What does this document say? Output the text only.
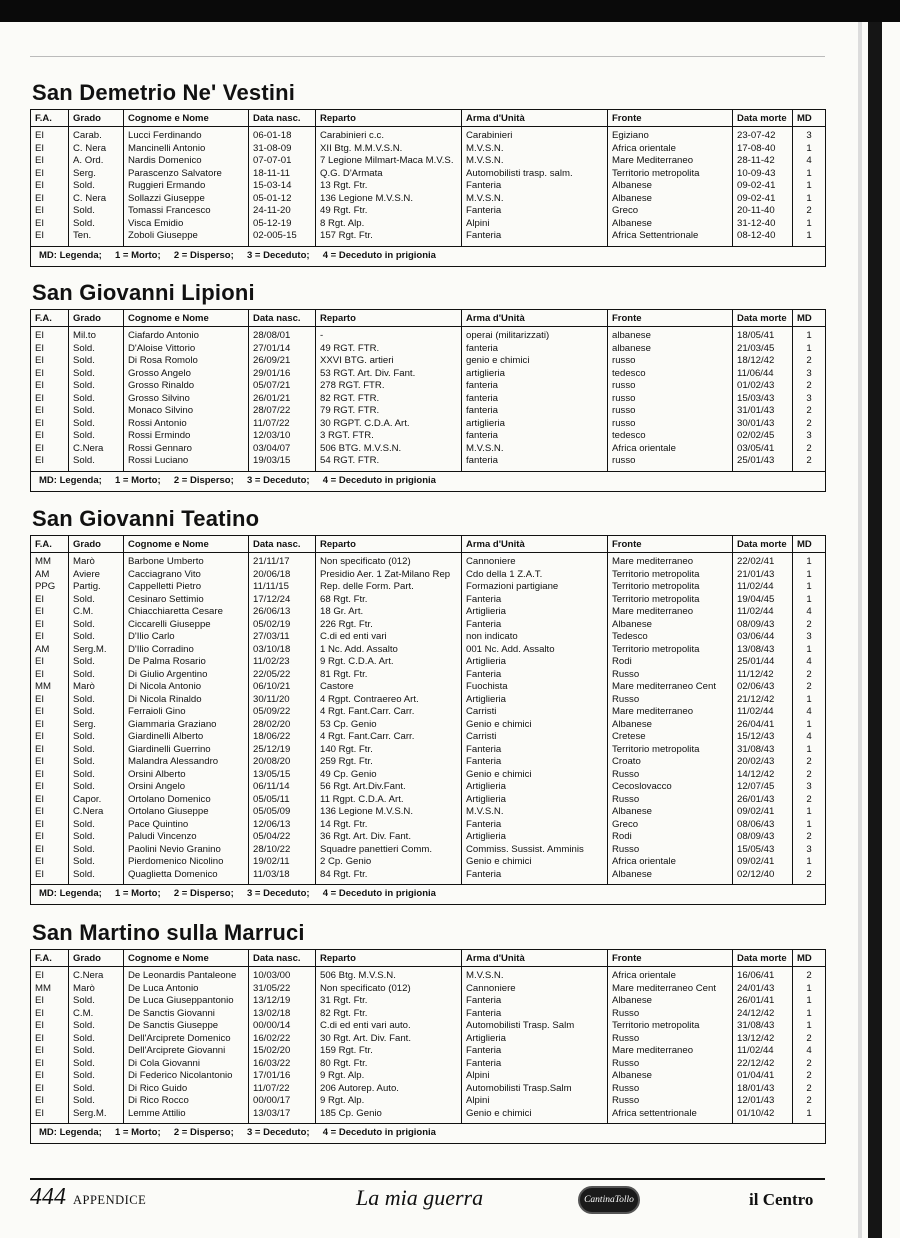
San Demetrio Ne' Vestini
F.A.	Grado	Cognome e Nome	Data nasc.	Reparto	Arma d'Unità	Fronte	Data morte	MD
EI	Carab.	Lucci Ferdinando	06-01-18	Carabinieri c.c.	Carabinieri	Egiziano	23-07-42	3
EI	C. Nera	Mancinelli Antonio	31-08-09	XII Btg. M.M.V.S.N.	M.V.S.N.	Africa orientale	17-08-40	1
EI	A. Ord.	Nardis Domenico	07-07-01	7 Legione Milmart-Maca M.V.S.	M.V.S.N.	Mare Mediterraneo	28-11-42	4
EI	Serg.	Parascenzo Salvatore	18-11-11	Q.G. D'Armata	Automobilisti trasp. salm.	Territorio metropolita	10-09-43	1
EI	Sold.	Ruggieri Ermando	15-03-14	13 Rgt. Ftr.	Fanteria	Albanese	09-02-41	1
EI	C. Nera	Sollazzi Giuseppe	05-01-12	136 Legione M.V.S.N.	M.V.S.N.	Albanese	09-02-41	1
EI	Sold.	Tomassi Francesco	24-11-20	49 Rgt. Ftr.	Fanteria	Greco	20-11-40	2
EI	Sold.	Visca Emidio	05-12-19	8 Rgt. Alp.	Alpini	Albanese	31-12-40	1
EI	Ten.	Zoboli Giuseppe	02-005-15	157 Rgt. Ftr.	Fanteria	Africa Settentrionale	08-12-40	1
MD: Legenda;     1 = Morto;     2 = Disperso;     3 = Deceduto;     4 = Deceduto in prigionia								
San Giovanni Lipioni
F.A.	Grado	Cognome e Nome	Data nasc.	Reparto	Arma d'Unità	Fronte	Data morte	MD
EI	Mil.to	Ciafardo Antonio	28/08/01	-	operai (militarizzati)	albanese	18/05/41	1
EI	Sold.	D'Aloise Vittorio	27/01/14	49 RGT. FTR.	fanteria	albanese	21/03/45	1
EI	Sold.	Di Rosa Romolo	26/09/21	XXVI BTG. artieri	genio e chimici	russo	18/12/42	2
EI	Sold.	Grosso Angelo	29/01/16	53 RGT. Art. Div. Fant.	artiglieria	tedesco	11/06/44	3
EI	Sold.	Grosso Rinaldo	05/07/21	278 RGT. FTR.	fanteria	russo	01/02/43	2
EI	Sold.	Grosso Silvino	26/01/21	82 RGT. FTR.	fanteria	russo	15/03/43	3
EI	Sold.	Monaco Silvino	28/07/22	79 RGT. FTR.	fanteria	russo	31/01/43	2
EI	Sold.	Rossi Antonio	11/07/22	30 RGPT. C.D.A. Art.	artiglieria	russo	30/01/43	2
EI	Sold.	Rossi Ermindo	12/03/10	3 RGT. FTR.	fanteria	tedesco	02/02/45	3
EI	C.Nera	Rossi Gennaro	03/04/07	506 BTG. M.V.S.N.	M.V.S.N.	Africa orientale	03/05/41	2
EI	Sold.	Rossi Luciano	19/03/15	54 RGT. FTR.	fanteria	russo	25/01/43	2
MD: Legenda;     1 = Morto;     2 = Disperso;     3 = Deceduto;     4 = Deceduto in prigionia								
San Giovanni Teatino
F.A.	Grado	Cognome e Nome	Data nasc.	Reparto	Arma d'Unità	Fronte	Data morte	MD
MM	Marò	Barbone Umberto	21/11/17	Non specificato (012)	Cannoniere	Mare mediterraneo	22/02/41	1
AM	Aviere	Cacciagrano Vito	20/06/18	Presidio Aer. 1 Zat-Milano Rep	Cdo della 1 Z.A.T.	Territorio metropolita	21/01/43	1
PPG	Partig.	Cappelletti Pietro	11/11/15	Rep. delle Form. Part.	Formazioni partigiane	Territorio metropolita	11/02/44	1
EI	Sold.	Cesinaro Settimio	17/12/24	68 Rgt. Ftr.	Fanteria	Territorio metropolita	19/04/45	1
EI	C.M.	Chiacchiaretta Cesare	26/06/13	18 Gr. Art.	Artiglieria	Mare mediterraneo	11/02/44	4
EI	Sold.	Ciccarelli Giuseppe	05/02/19	226 Rgt. Ftr.	Fanteria	Albanese	08/09/43	2
EI	Sold.	D'Ilio Carlo	27/03/11	C.di ed enti vari	non indicato	Tedesco	03/06/44	3
AM	Serg.M.	D'Ilio Corradino	03/10/18	1 Nc. Add. Assalto	001 Nc. Add. Assalto	Territorio metropolita	13/08/43	1
EI	Sold.	De Palma Rosario	11/02/23	9 Rgt. C.D.A. Art.	Artiglieria	Rodi	25/01/44	4
EI	Sold.	Di Giulio Argentino	22/05/22	81 Rgt. Ftr.	Fanteria	Russo	11/12/42	2
MM	Marò	Di Nicola Antonio	06/10/21	Castore	Fuochista	Mare mediterraneo Cent	02/06/43	2
EI	Sold.	Di Nicola Rinaldo	30/11/20	4 Rgpt. Contraereo Art.	Artiglieria	Russo	21/12/42	1
EI	Sold.	Ferraioli Gino	05/09/22	4 Rgt. Fant.Carr. Carr.	Carristi	Mare mediterraneo	11/02/44	4
EI	Serg.	Giammaria Graziano	28/02/20	53 Cp. Genio	Genio e chimici	Albanese	26/04/41	1
EI	Sold.	Giardinelli Alberto	18/06/22	4 Rgt. Fant.Carr. Carr.	Carristi	Cretese	15/12/43	4
EI	Sold.	Giardinelli Guerrino	25/12/19	140 Rgt. Ftr.	Fanteria	Territorio metropolita	31/08/43	1
EI	Sold.	Malandra Alessandro	20/08/20	259 Rgt. Ftr.	Fanteria	Croato	20/02/43	2
EI	Sold.	Orsini Alberto	13/05/15	49 Cp. Genio	Genio e chimici	Russo	14/12/42	2
EI	Sold.	Orsini Angelo	06/11/14	56 Rgt. Art.Div.Fant.	Artiglieria	Cecoslovacco	12/07/45	3
EI	Capor.	Ortolano Domenico	05/05/11	11 Rgpt. C.D.A. Art.	Artiglieria	Russo	26/01/43	2
EI	C.Nera	Ortolano Giuseppe	05/05/09	136 Legione M.V.S.N.	M.V.S.N.	Albanese	09/02/41	1
EI	Sold.	Pace Quintino	12/06/13	14 Rgt. Ftr.	Fanteria	Greco	08/06/43	1
EI	Sold.	Paludi Vincenzo	05/04/22	36 Rgt. Art. Div. Fant.	Artiglieria	Rodi	08/09/43	2
EI	Sold.	Paolini Nevio Granino	28/10/22	Squadre panettieri Comm.	Commiss. Sussist. Amminis	Russo	15/05/43	3
EI	Sold.	Pierdomenico Nicolino	19/02/11	2 Cp. Genio	Genio e chimici	Africa orientale	09/02/41	1
EI	Sold.	Quaglietta Domenico	11/03/18	84 Rgt. Ftr.	Fanteria	Albanese	02/12/40	2
MD: Legenda;     1 = Morto;     2 = Disperso;     3 = Deceduto;     4 = Deceduto in prigionia								
San Martino sulla Marruci
F.A.	Grado	Cognome e Nome	Data nasc.	Reparto	Arma d'Unità	Fronte	Data morte	MD
EI	C.Nera	De Leonardis Pantaleone	10/03/00	506 Btg. M.V.S.N.	M.V.S.N.	Africa orientale	16/06/41	2
MM	Marò	De Luca Antonio	31/05/22	Non specificato (012)	Cannoniere	Mare mediterraneo Cent	24/01/43	1
EI	Sold.	De Luca Giuseppantonio	13/12/19	31 Rgt. Ftr.	Fanteria	Albanese	26/01/41	1
EI	C.M.	De Sanctis Giovanni	13/02/18	82 Rgt. Ftr.	Fanteria	Russo	24/12/42	1
EI	Sold.	De Sanctis Giuseppe	00/00/14	C.di ed enti vari auto.	Automobilisti Trasp. Salm	Territorio metropolita	31/08/43	1
EI	Sold.	Dell'Arciprete Domenico	16/02/22	30 Rgt. Art. Div. Fant.	Artiglieria	Russo	13/12/42	2
EI	Sold.	Dell'Arciprete Giovanni	15/02/20	159 Rgt. Ftr.	Fanteria	Mare mediterraneo	11/02/44	4
EI	Sold.	Di Cola Giovanni	16/03/22	80 Rgt. Ftr.	Fanteria	Russo	22/12/42	2
EI	Sold.	Di Federico Nicolantonio	17/01/16	9 Rgt. Alp.	Alpini	Albanese	01/04/41	2
EI	Sold.	Di Rico Guido	11/07/22	206 Autorep. Auto.	Automobilisti Trasp.Salm	Russo	18/01/43	2
EI	Sold.	Di Rico Rocco	00/00/17	9 Rgt. Alp.	Alpini	Russo	12/01/43	2
EI	Serg.M.	Lemme Attilio	13/03/17	185 Cp. Genio	Genio e chimici	Africa settentrionale	01/10/42	1
MD: Legenda;     1 = Morto;     2 = Disperso;     3 = Deceduto;     4 = Deceduto in prigionia								
444 APPENDICE	La mia guerra	CantinaTollo	il Centro
